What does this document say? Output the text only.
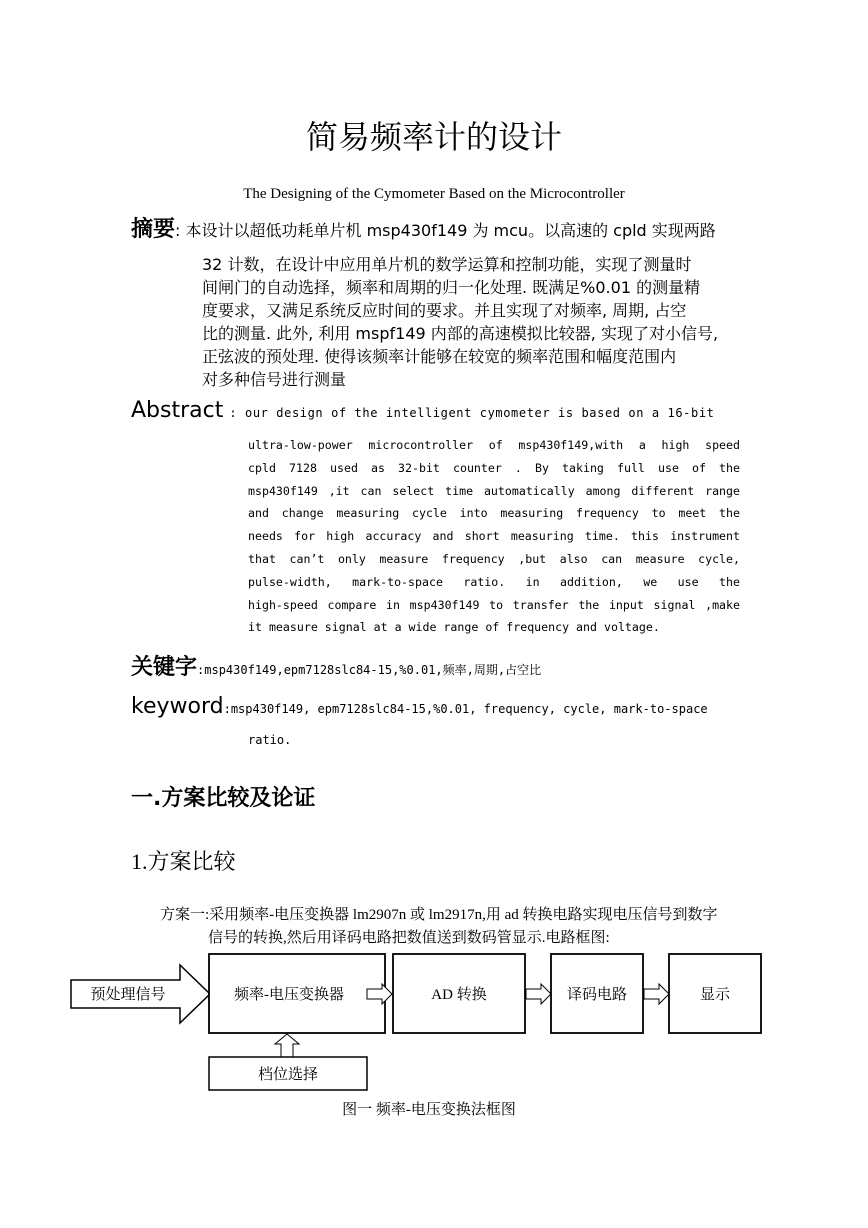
简易频率计的设计
The Designing of the Cymometer Based on the Microcontroller
摘要: 本设计以超低功耗单片机 msp430f149 为 mcu。以高速的 cpld 实现两路
32 计数，在设计中应用单片机的数学运算和控制功能，实现了测量时
间闸门的自动选择，频率和周期的归一化处理. 既满足%0.01 的测量精
度要求，又满足系统反应时间的要求。并且实现了对频率, 周期, 占空
比的测量. 此外, 利用 mspf149 内部的高速模拟比较器, 实现了对小信号,
正弦波的预处理. 使得该频率计能够在较宽的频率范围和幅度范围内
对多种信号进行测量
Abstract : our design of the intelligent cymometer is based on a 16-bit
ultra-low-power microcontroller of msp430f149,with a high speed
cpld 7128 used as 32-bit counter . By taking full use of the
msp430f149 ,it can select time automatically among different range
and change measuring cycle into measuring frequency to meet the
needs for high accuracy and short measuring time. this instrument
that can’t only measure frequency ,but also can measure cycle,
pulse-width, mark-to-space ratio. in addition, we use the
high-speed compare in msp430f149 to transfer the input signal ,make
it measure signal at a wide range of frequency and voltage.
关键字:msp430f149,epm7128slc84-15,%0.01,频率,周期,占空比
keyword:msp430f149, epm7128slc84-15,%0.01, frequency, cycle, mark-to-space
ratio.
一.方案比较及论证
1.方案比较
方案一:采用频率-电压变换器 lm2907n 或 lm2917n,用 ad 转换电路实现电压信号到数字
信号的转换,然后用译码电路把数值送到数码管显示.电路框图:
预处理信号	频率-电压变换器	AD 转换	译码电路	显示
档位选择
图一 频率-电压变换法框图
